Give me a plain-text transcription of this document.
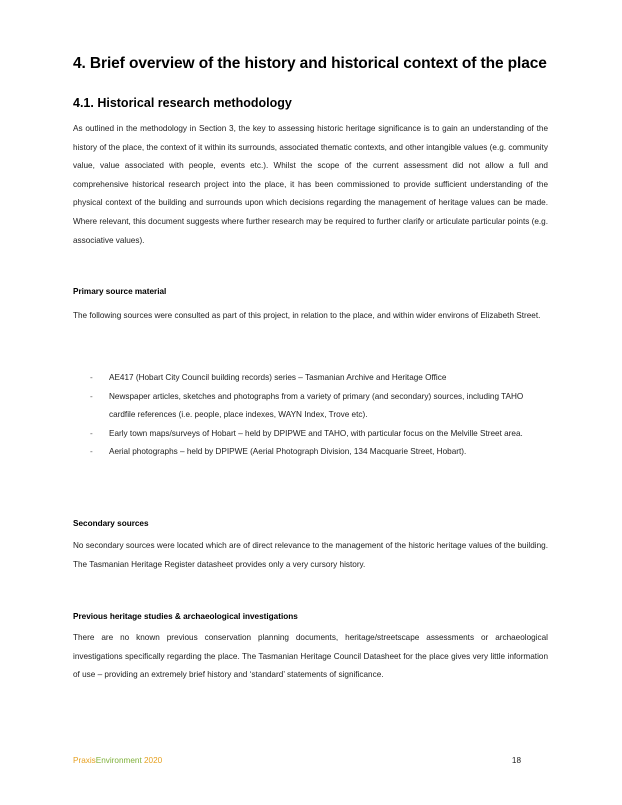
4. Brief overview of the history and historical context of the place
4.1. Historical research methodology
As outlined in the methodology in Section 3, the key to assessing historic heritage significance is to gain an understanding of the history of the place, the context of it within its surrounds, associated thematic contexts, and other intangible values (e.g. community value, value associated with people, events etc.). Whilst the scope of the current assessment did not allow a full and comprehensive historical research project into the place, it has been commissioned to provide sufficient understanding of the physical context of the building and surrounds upon which decisions regarding the management of heritage values can be made. Where relevant, this document suggests where further research may be required to further clarify or articulate particular points (e.g. associative values).
Primary source material
The following sources were consulted as part of this project, in relation to the place, and within wider environs of Elizabeth Street.
- AE417 (Hobart City Council building records) series – Tasmanian Archive and Heritage Office
- Newspaper articles, sketches and photographs from a variety of primary (and secondary) sources, including TAHO cardfile references (i.e. people, place indexes, WAYN Index, Trove etc).
- Early town maps/surveys of Hobart – held by DPIPWE and TAHO, with particular focus on the Melville Street area.
- Aerial photographs – held by DPIPWE (Aerial Photograph Division, 134 Macquarie Street, Hobart).
Secondary sources
No secondary sources were located which are of direct relevance to the management of the historic heritage values of the building. The Tasmanian Heritage Register datasheet provides only a very cursory history.
Previous heritage studies & archaeological investigations
There are no known previous conservation planning documents, heritage/streetscape assessments or archaeological investigations specifically regarding the place. The Tasmanian Heritage Council Datasheet for the place gives very little information of use – providing an extremely brief history and ‘standard’ statements of significance.
PraxisEnvironment 2020	18
